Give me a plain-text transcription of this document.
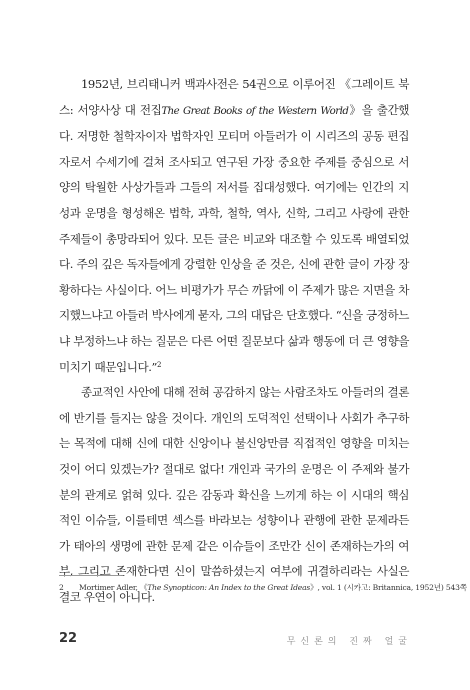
1952년, 브리태니커 백과사전은 54권으로 이루어진 《그레이트 북스: 서양사상 대 전집The Great Books of the Western World》을 출간했다. 저명한 철학자이자 법학자인 모티머 아들러가 이 시리즈의 공동 편집자로서 수세기에 걸쳐 조사되고 연구된 가장 중요한 주제를 중심으로 서양의 탁월한 사상가들과 그들의 저서를 집대성했다. 여기에는 인간의 지성과 운명을 형성해온 법학, 과학, 철학, 역사, 신학, 그리고 사랑에 관한 주제들이 총망라되어 있다. 모든 글은 비교와 대조할 수 있도록 배열되었다. 주의 깊은 독자들에게 강렬한 인상을 준 것은, 신에 관한 글이 가장 장황하다는 사실이다. 어느 비평가가 무슨 까닭에 이 주제가 많은 지면을 차지했느냐고 아들러 박사에게 묻자, 그의 대답은 단호했다. “신을 긍정하느냐 부정하느냐 하는 질문은 다른 어떤 질문보다 삶과 행동에 더 큰 영향을 미치기 때문입니다.”$^2$

종교적인 사안에 대해 전혀 공감하지 않는 사람조차도 아들러의 결론에 반기를 들지는 않을 것이다. 개인의 도덕적인 선택이나 사회가 추구하는 목적에 대해 신에 대한 신앙이나 불신앙만큼 직접적인 영향을 미치는 것이 어디 있겠는가? 절대로 없다! 개인과 국가의 운명은 이 주제와 불가분의 관계로 얽혀 있다. 깊은 감동과 확신을 느끼게 하는 이 시대의 핵심적인 이슈들, 이를테면 섹스를 바라보는 성향이나 관행에 관한 문제라든가 태아의 생명에 관한 문제 같은 이슈들이 조만간 신이 존재하는가의 여부, 그리고 존재한다면 신이 말씀하셨는지 여부에 귀결하리라는 사실은 결코 우연이 아니다.

2 Mortimer Adler, 《The Synopticon: An Index to the Great Ideas》, vol. 1 (시카고: Britannica, 1952년) 543쪽
22	무신론의 진짜 얼굴
